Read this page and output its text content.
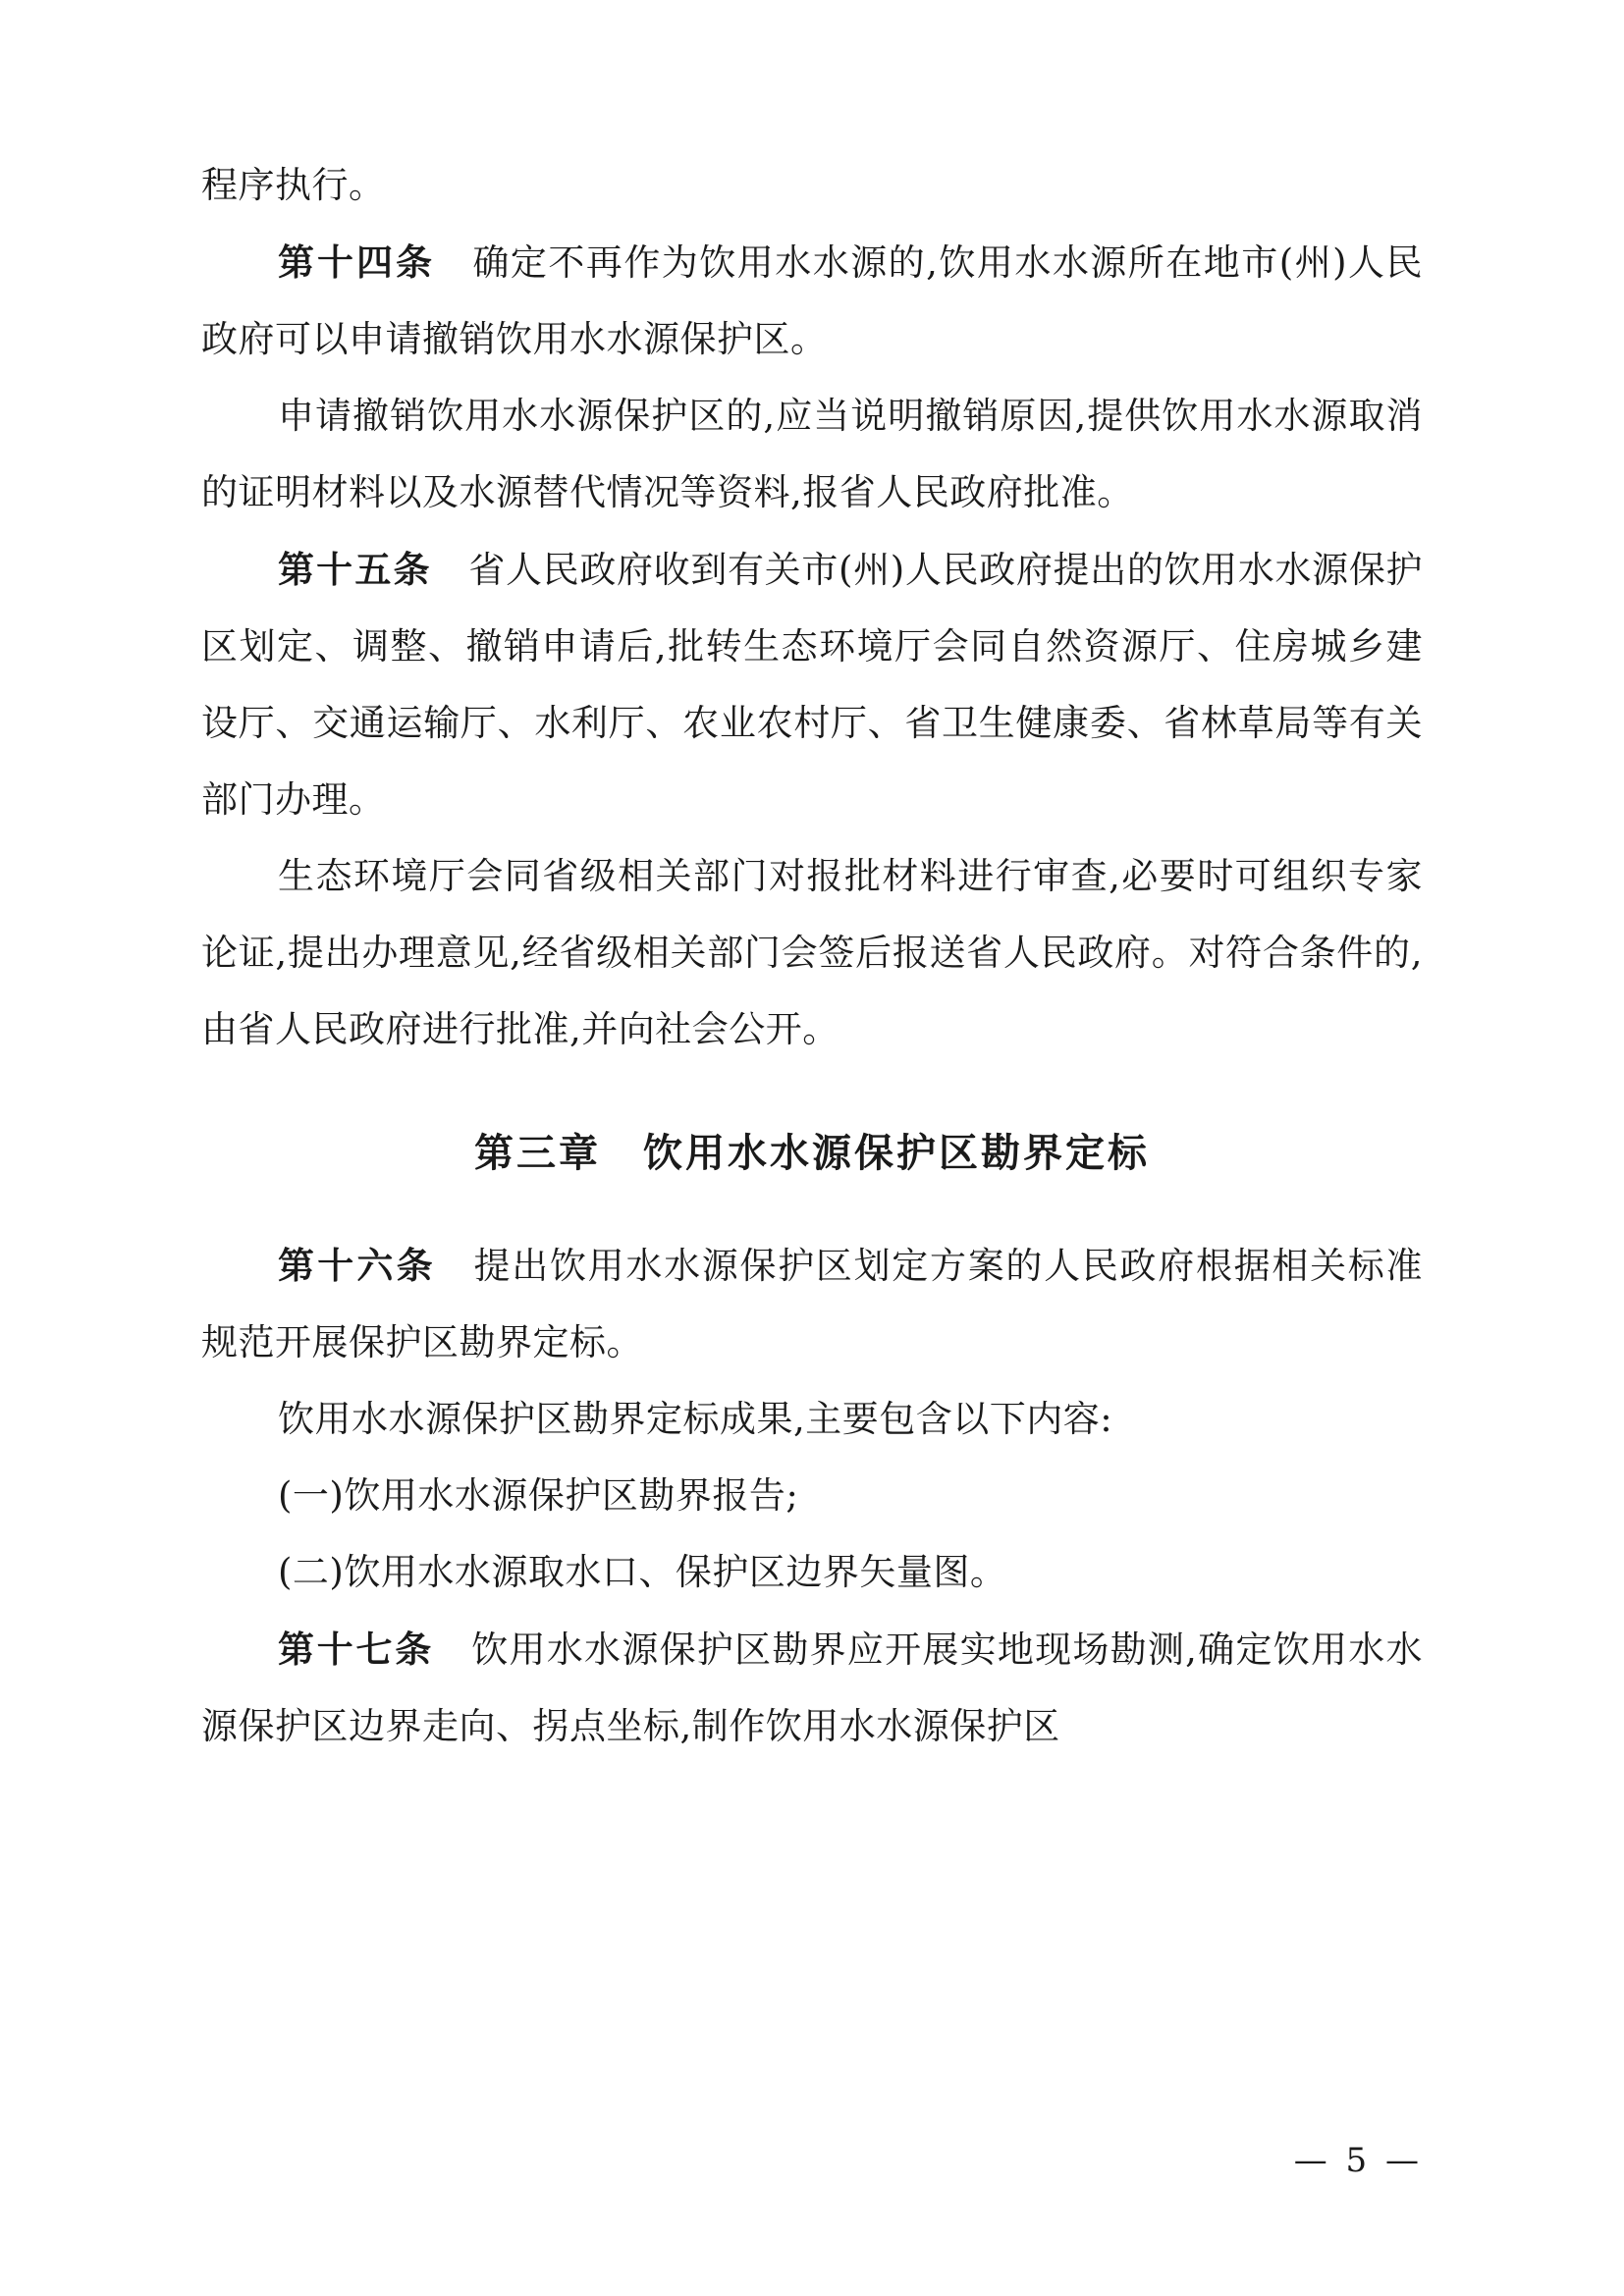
程序执行。

第十四条　确定不再作为饮用水水源的,饮用水水源所在地市(州)人民政府可以申请撤销饮用水水源保护区。

申请撤销饮用水水源保护区的,应当说明撤销原因,提供饮用水水源取消的证明材料以及水源替代情况等资料,报省人民政府批准。

第十五条　省人民政府收到有关市(州)人民政府提出的饮用水水源保护区划定、调整、撤销申请后,批转生态环境厅会同自然资源厅、住房城乡建设厅、交通运输厅、水利厅、农业农村厅、省卫生健康委、省林草局等有关部门办理。

生态环境厅会同省级相关部门对报批材料进行审查,必要时可组织专家论证,提出办理意见,经省级相关部门会签后报送省人民政府。对符合条件的,由省人民政府进行批准,并向社会公开。

第三章　饮用水水源保护区勘界定标

第十六条　提出饮用水水源保护区划定方案的人民政府根据相关标准规范开展保护区勘界定标。

饮用水水源保护区勘界定标成果,主要包含以下内容:

(一)饮用水水源保护区勘界报告;

(二)饮用水水源取水口、保护区边界矢量图。

第十七条　饮用水水源保护区勘界应开展实地现场勘测,确定饮用水水源保护区边界走向、拐点坐标,制作饮用水水源保护区

— 5 —
